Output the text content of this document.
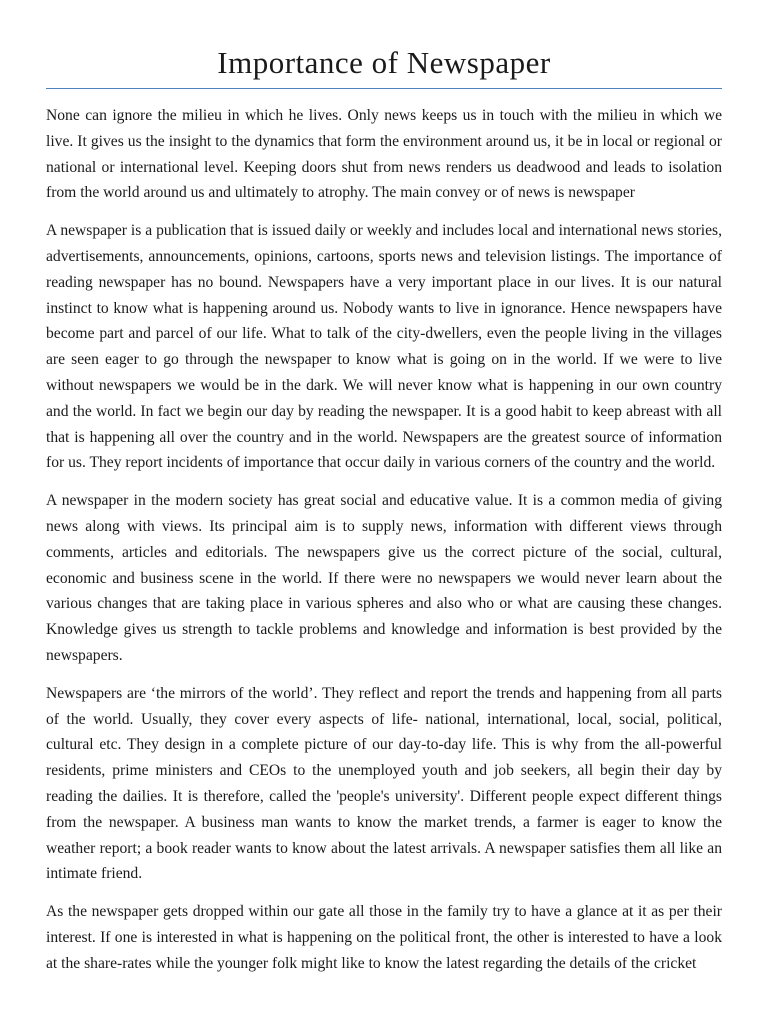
Importance of Newspaper

None can ignore the milieu in which he lives. Only news keeps us in touch with the milieu in which we live. It gives us the insight to the dynamics that form the environment around us, it be in local or regional or national or international level. Keeping doors shut from news renders us deadwood and leads to isolation from the world around us and ultimately to atrophy. The main convey or of news is newspaper

A newspaper is a publication that is issued daily or weekly and includes local and international news stories, advertisements, announcements, opinions, cartoons, sports news and television listings. The importance of reading newspaper has no bound. Newspapers have a very important place in our lives. It is our natural instinct to know what is happening around us. Nobody wants to live in ignorance. Hence newspapers have become part and parcel of our life. What to talk of the city-dwellers, even the people living in the villages are seen eager to go through the newspaper to know what is going on in the world. If we were to live without newspapers we would be in the dark. We will never know what is happening in our own country and the world. In fact we begin our day by reading the newspaper. It is a good habit to keep abreast with all that is happening all over the country and in the world. Newspapers are the greatest source of information for us. They report incidents of importance that occur daily in various corners of the country and the world.

A newspaper in the modern society has great social and educative value. It is a common media of giving news along with views. Its principal aim is to supply news, information with different views through comments, articles and editorials. The newspapers give us the correct picture of the social, cultural, economic and business scene in the world. If there were no newspapers we would never learn about the various changes that are taking place in various spheres and also who or what are causing these changes. Knowledge gives us strength to tackle problems and knowledge and information is best provided by the newspapers.

Newspapers are ‘the mirrors of the world’. They reflect and report the trends and happening from all parts of the world. Usually, they cover every aspects of life- national, international, local, social, political, cultural etc. They design in a complete picture of our day-to-day life. This is why from the all-powerful residents, prime ministers and CEOs to the unemployed youth and job seekers, all begin their day by reading the dailies. It is therefore, called the 'people's university'. Different people expect different things from the newspaper. A business man wants to know the market trends, a farmer is eager to know the weather report; a book reader wants to know about the latest arrivals. A newspaper satisfies them all like an intimate friend.

As the newspaper gets dropped within our gate all those in the family try to have a glance at it as per their interest. If one is interested in what is happening on the political front, the other is interested to have a look at the share-rates while the younger folk might like to know the latest regarding the details of the cricket
